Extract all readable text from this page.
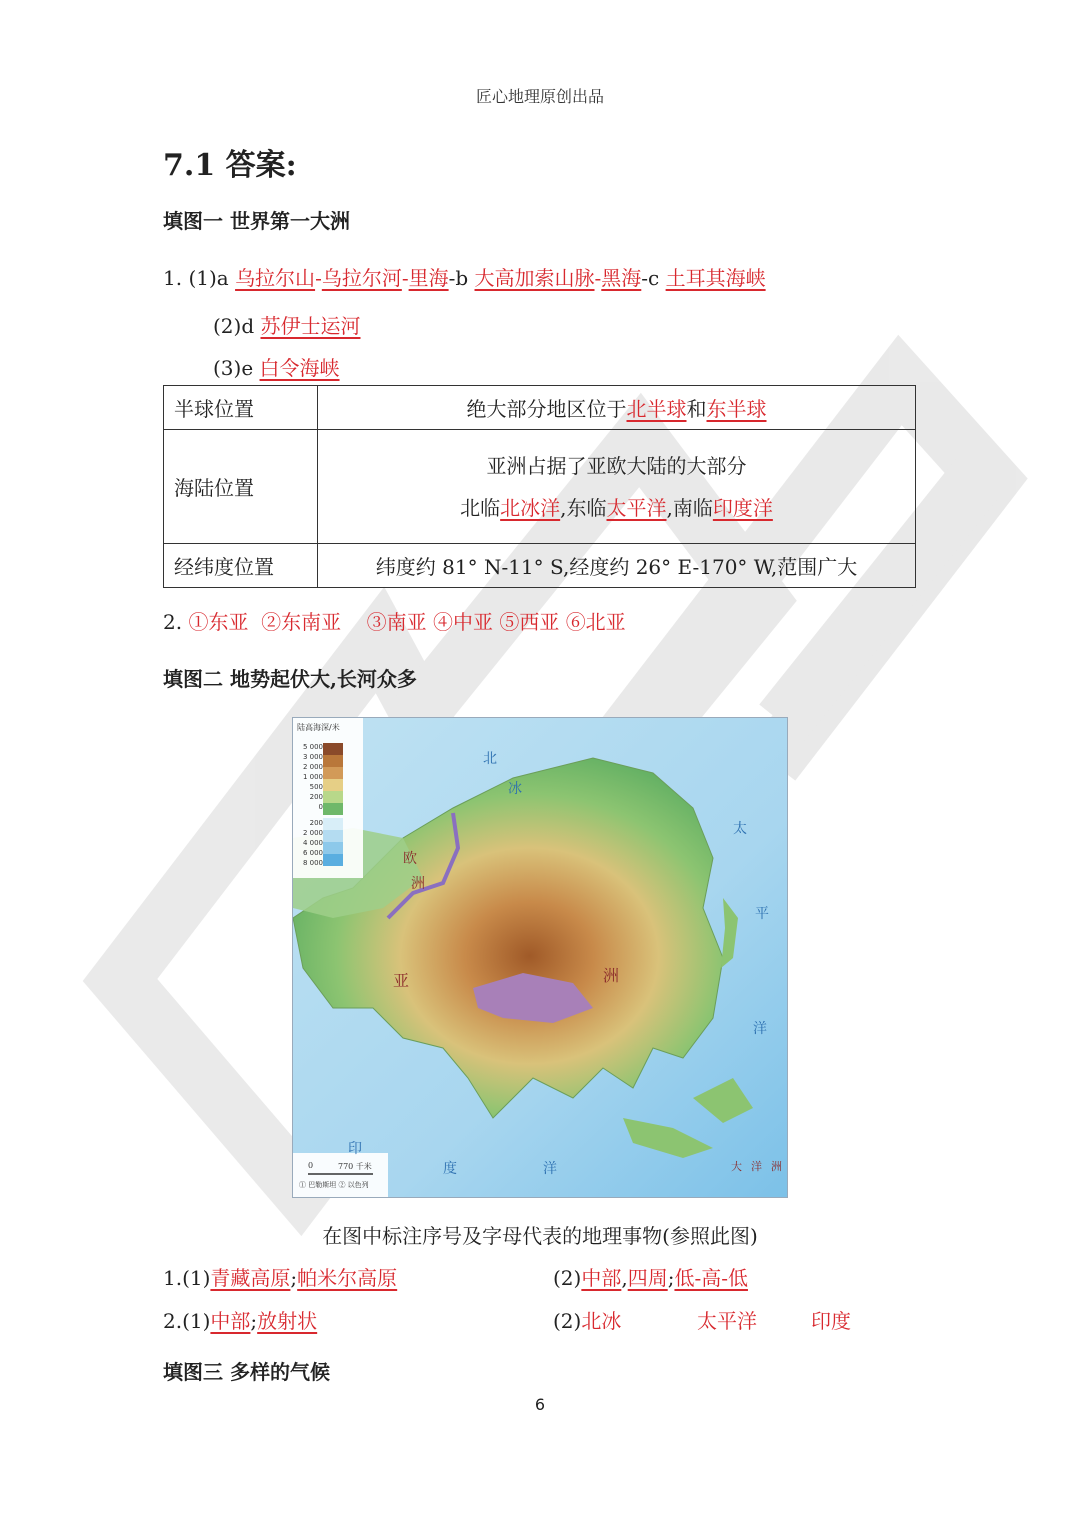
匠心地理原创出品
7.1 答案:
填图一 世界第一大洲
1. (1)a 乌拉尔山-乌拉尔河-里海-b 大高加索山脉-黑海-c 土耳其海峡
(2)d 苏伊士运河
(3)e 白令海峡
半球位置	绝大部分地区位于北半球和东半球
海陆位置	亚洲占据了亚欧大陆的大部分
北临北冰洋,东临太平洋,南临印度洋

经纬度位置	纬度约 81° N-11° S,经度约 26° E-170° W,范围广大
2. ①东亚 ②东南亚 ③南亚 ④中亚 ⑤西亚 ⑥北亚
填图二 地势起伏大,长河众多
陆高海深/米
5 000
3 000
2 000
1 000
500
200
0
200
2 000
4 000
6 000
8 000
0	770 千米
① 巴勒斯坦 ② 以色列
北
冰
欧
洲
亚	洲
太
平
洋
印
度	洋	大 洋 洲
在图中标注序号及字母代表的地理事物(参照此图)
1.(1)青藏高原;帕米尔高原	(2)中部,四周;低-高-低
2.(1)中部;放射状	(2)北冰	太平洋	印度
填图三 多样的气候
6
